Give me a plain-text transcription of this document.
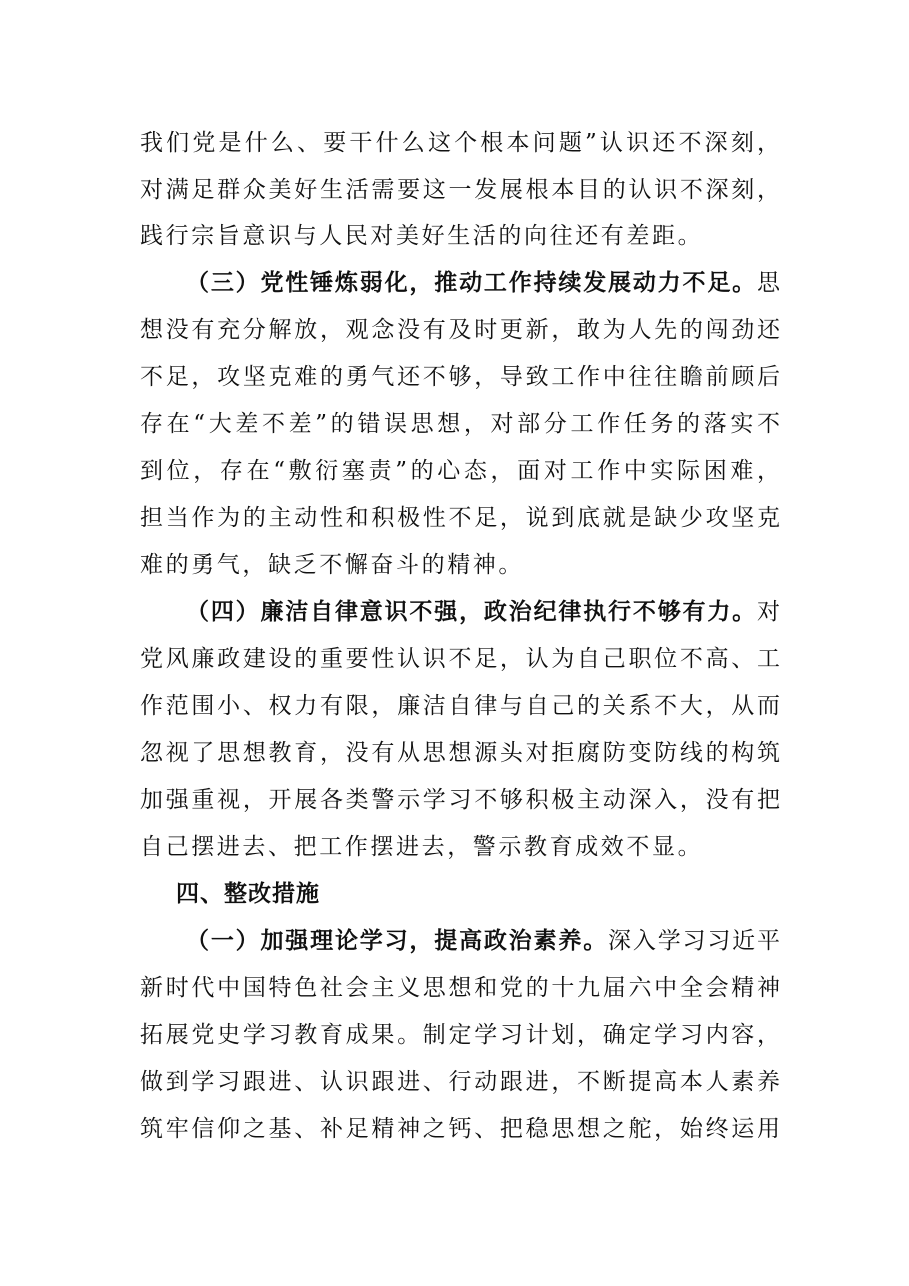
我们党是什么、要干什么这个根本问题”认识还不深刻，
对满足群众美好生活需要这一发展根本目的认识不深刻，
践行宗旨意识与人民对美好生活的向往还有差距。
（三）党性锤炼弱化，推动工作持续发展动力不足。思
想没有充分解放，观念没有及时更新，敢为人先的闯劲还
不足，攻坚克难的勇气还不够，导致工作中往往瞻前顾后
存在“大差不差”的错误思想，对部分工作任务的落实不
到位，存在“敷衍塞责”的心态，面对工作中实际困难，
担当作为的主动性和积极性不足，说到底就是缺少攻坚克
难的勇气，缺乏不懈奋斗的精神。
（四）廉洁自律意识不强，政治纪律执行不够有力。对
党风廉政建设的重要性认识不足，认为自己职位不高、工
作范围小、权力有限，廉洁自律与自己的关系不大，从而
忽视了思想教育，没有从思想源头对拒腐防变防线的构筑
加强重视，开展各类警示学习不够积极主动深入，没有把
自己摆进去、把工作摆进去，警示教育成效不显。
四、整改措施
（一）加强理论学习，提高政治素养。深入学习习近平
新时代中国特色社会主义思想和党的十九届六中全会精神
拓展党史学习教育成果。制定学习计划，确定学习内容，
做到学习跟进、认识跟进、行动跟进，不断提高本人素养
筑牢信仰之基、补足精神之钙、把稳思想之舵，始终运用
